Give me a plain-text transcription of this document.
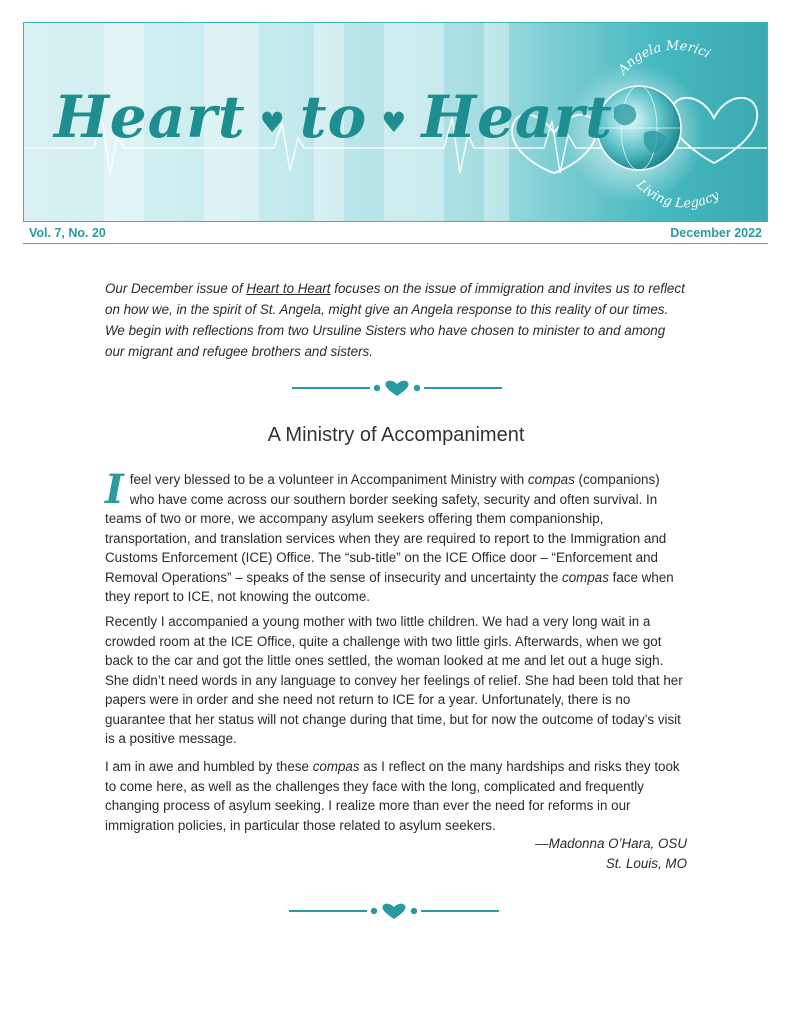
Angela Merici
Living Legacy
Heart ♥ to ♥ Heart
Vol. 7, No. 20	December 2022
Our December issue of Heart to Heart focuses on the issue of immigration and invites us to reflect on how we, in the spirit of St. Angela, might give an Angela response to this reality of our times. We begin with reflections from two Ursuline Sisters who have chosen to minister to and among our migrant and refugee brothers and sisters.
A Ministry of Accompaniment

I feel very blessed to be a volunteer in Accompaniment Ministry with compas (companions) who have come across our southern border seeking safety, security and often survival. In teams of two or more, we accompany asylum seekers offering them companionship, transportation, and translation services when they are required to report to the Immigration and Customs Enforcement (ICE) Office. The “sub-title” on the ICE Office door – “Enforcement and Removal Operations” – speaks of the sense of insecurity and uncertainty the compas face when they report to ICE, not knowing the outcome.

Recently I accompanied a young mother with two little children. We had a very long wait in a crowded room at the ICE Office, quite a challenge with two little girls. Afterwards, when we got back to the car and got the little ones settled, the woman looked at me and let out a huge sigh. She didn’t need words in any language to convey her feelings of relief. She had been told that her papers were in order and she need not return to ICE for a year. Unfortunately, there is no guarantee that her status will not change during that time, but for now the outcome of today’s visit is a positive message.

I am in awe and humbled by these compas as I reflect on the many hardships and risks they took to come here, as well as the challenges they face with the long, complicated and frequently changing process of asylum seeking. I realize more than ever the need for reforms in our immigration policies, in particular those related to asylum seekers.

—Madonna O’Hara, OSU
St. Louis, MO
